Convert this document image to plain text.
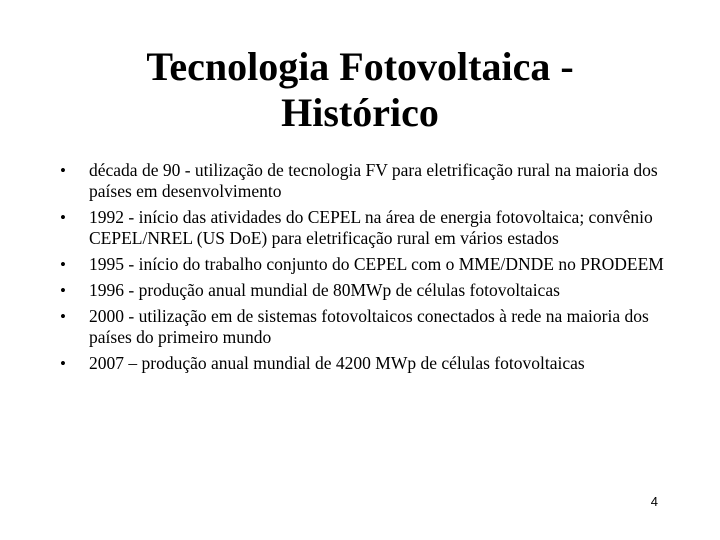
Tecnologia Fotovoltaica -
Histórico
• década de 90 - utilização de tecnologia FV para eletrificação rural na maioria dos países em desenvolvimento
• 1992 - início das atividades do CEPEL na área de energia fotovoltaica; convênio CEPEL/NREL (US DoE) para eletrificação rural em vários estados
• 1995 - início do trabalho conjunto do CEPEL com o MME/DNDE no PRODEEM
• 1996 - produção anual mundial de 80MWp de células fotovoltaicas
• 2000 - utilização em de sistemas fotovoltaicos conectados à rede na maioria dos países do primeiro mundo
• 2007 – produção anual mundial de 4200 MWp de células fotovoltaicas
4
